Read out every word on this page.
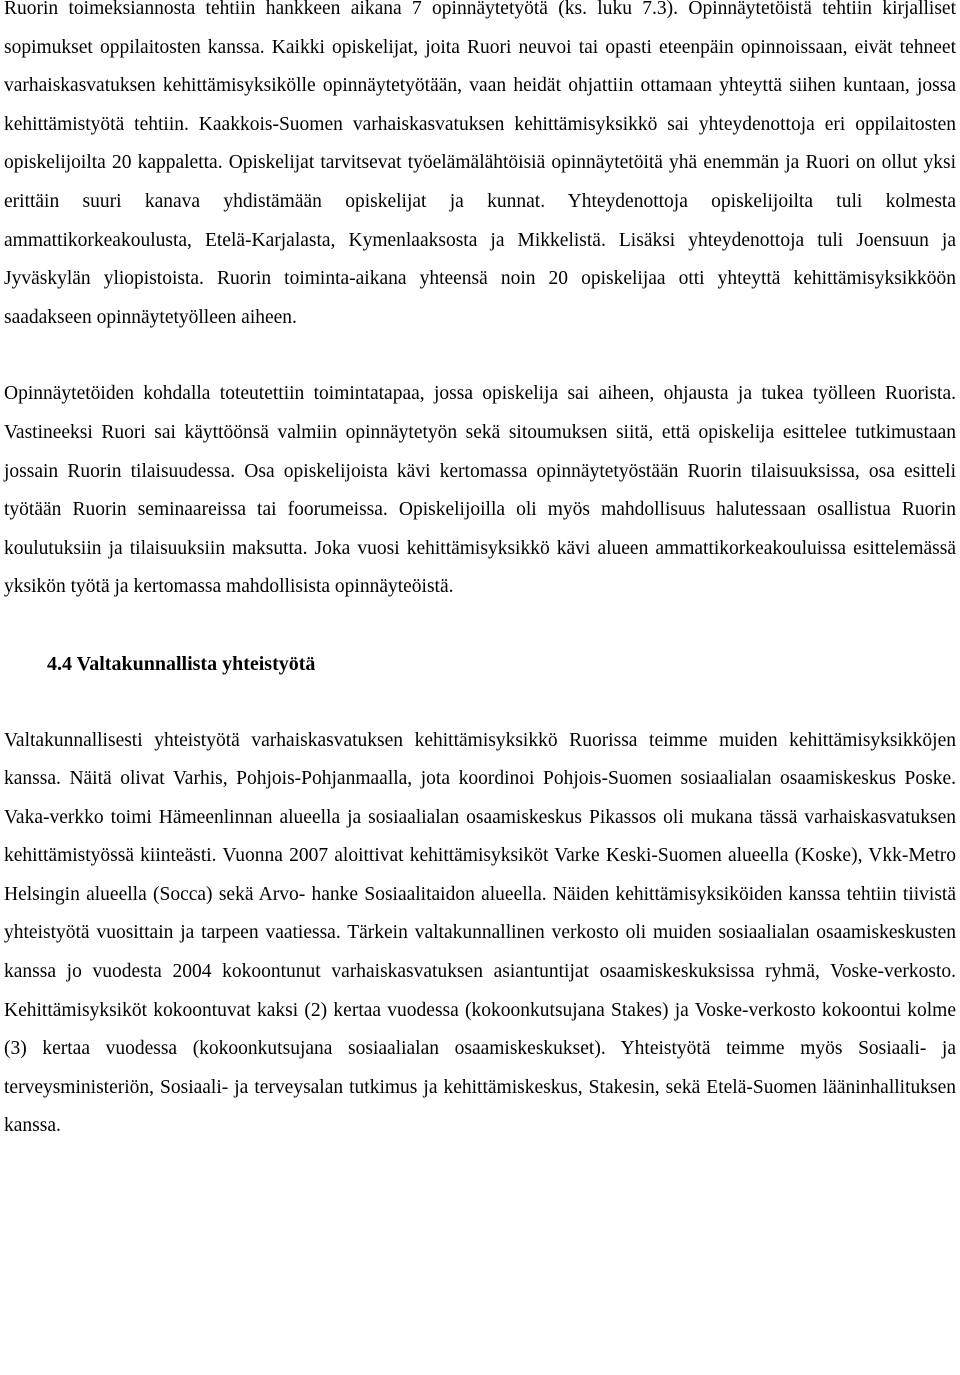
Ruorin toimeksiannosta tehtiin hankkeen aikana 7 opinnäytetyötä (ks. luku 7.3). Opinnäytetöistä tehtiin kirjalliset sopimukset oppilaitosten kanssa. Kaikki opiskelijat, joita Ruori neuvoi tai opasti eteenpäin opinnoissaan, eivät tehneet varhaiskasvatuksen kehittämisyksikölle opinnäytetyötään, vaan heidät ohjattiin ottamaan yhteyttä siihen kuntaan, jossa kehittämistyötä tehtiin. Kaakkois-Suomen varhaiskasvatuksen kehittämisyksikkö sai yhteydenottoja eri oppilaitosten opiskelijoilta 20 kappaletta. Opiskelijat tarvitsevat työelämälähtöisiä opinnäytetöitä yhä enemmän ja Ruori on ollut yksi erittäin suuri kanava yhdistämään opiskelijat ja kunnat. Yhteydenottoja opiskelijoilta tuli kolmesta ammattikorkeakoulusta, Etelä-Karjalasta, Kymenlaaksosta ja Mikkelistä. Lisäksi yhteydenottoja tuli Joensuun ja Jyväskylän yliopistoista. Ruorin toiminta-aikana yhteensä noin 20 opiskelijaa otti yhteyttä kehittämisyksikköön saadakseen opinnäytetyölleen aiheen.

Opinnäytetöiden kohdalla toteutettiin toimintatapaa, jossa opiskelija sai aiheen, ohjausta ja tukea työlleen Ruorista. Vastineeksi Ruori sai käyttöönsä valmiin opinnäytetyön sekä sitoumuksen siitä, että opiskelija esittelee tutkimustaan jossain Ruorin tilaisuudessa. Osa opiskelijoista kävi kertomassa opinnäytetyöstään Ruorin tilaisuuksissa, osa esitteli työtään Ruorin seminaareissa tai foorumeissa. Opiskelijoilla oli myös mahdollisuus halutessaan osallistua Ruorin koulutuksiin ja tilaisuuksiin maksutta. Joka vuosi kehittämisyksikkö kävi alueen ammattikorkeakouluissa esittelemässä yksikön työtä ja kertomassa mahdollisista opinnäyteöistä.

4.4 Valtakunnallista yhteistyötä

Valtakunnallisesti yhteistyötä varhaiskasvatuksen kehittämisyksikkö Ruorissa teimme muiden kehittämisyksikköjen kanssa. Näitä olivat Varhis, Pohjois-Pohjanmaalla, jota koordinoi Pohjois-Suomen sosiaalialan osaamiskeskus Poske. Vaka-verkko toimi Hämeenlinnan alueella ja sosiaalialan osaamiskeskus Pikassos oli mukana tässä varhaiskasvatuksen kehittämistyössä kiinteästi. Vuonna 2007 aloittivat kehittämisyksiköt Varke Keski-Suomen alueella (Koske), Vkk-Metro Helsingin alueella (Socca) sekä Arvo- hanke Sosiaalitaidon alueella. Näiden kehittämisyksiköiden kanssa tehtiin tiivistä yhteistyötä vuosittain ja tarpeen vaatiessa. Tärkein valtakunnallinen verkosto oli muiden sosiaalialan osaamiskeskusten kanssa jo vuodesta 2004 kokoontunut varhaiskasvatuksen asiantuntijat osaamiskeskuksissa ryhmä, Voske-verkosto. Kehittämisyksiköt kokoontuvat kaksi (2) kertaa vuodessa (kokoonkutsujana Stakes) ja Voske-verkosto kokoontui kolme (3) kertaa vuodessa (kokoonkutsujana sosiaalialan osaamiskeskukset). Yhteistyötä teimme myös Sosiaali- ja terveysministeriön, Sosiaali- ja terveysalan tutkimus ja kehittämiskeskus, Stakesin, sekä Etelä-Suomen lääninhallituksen kanssa.
